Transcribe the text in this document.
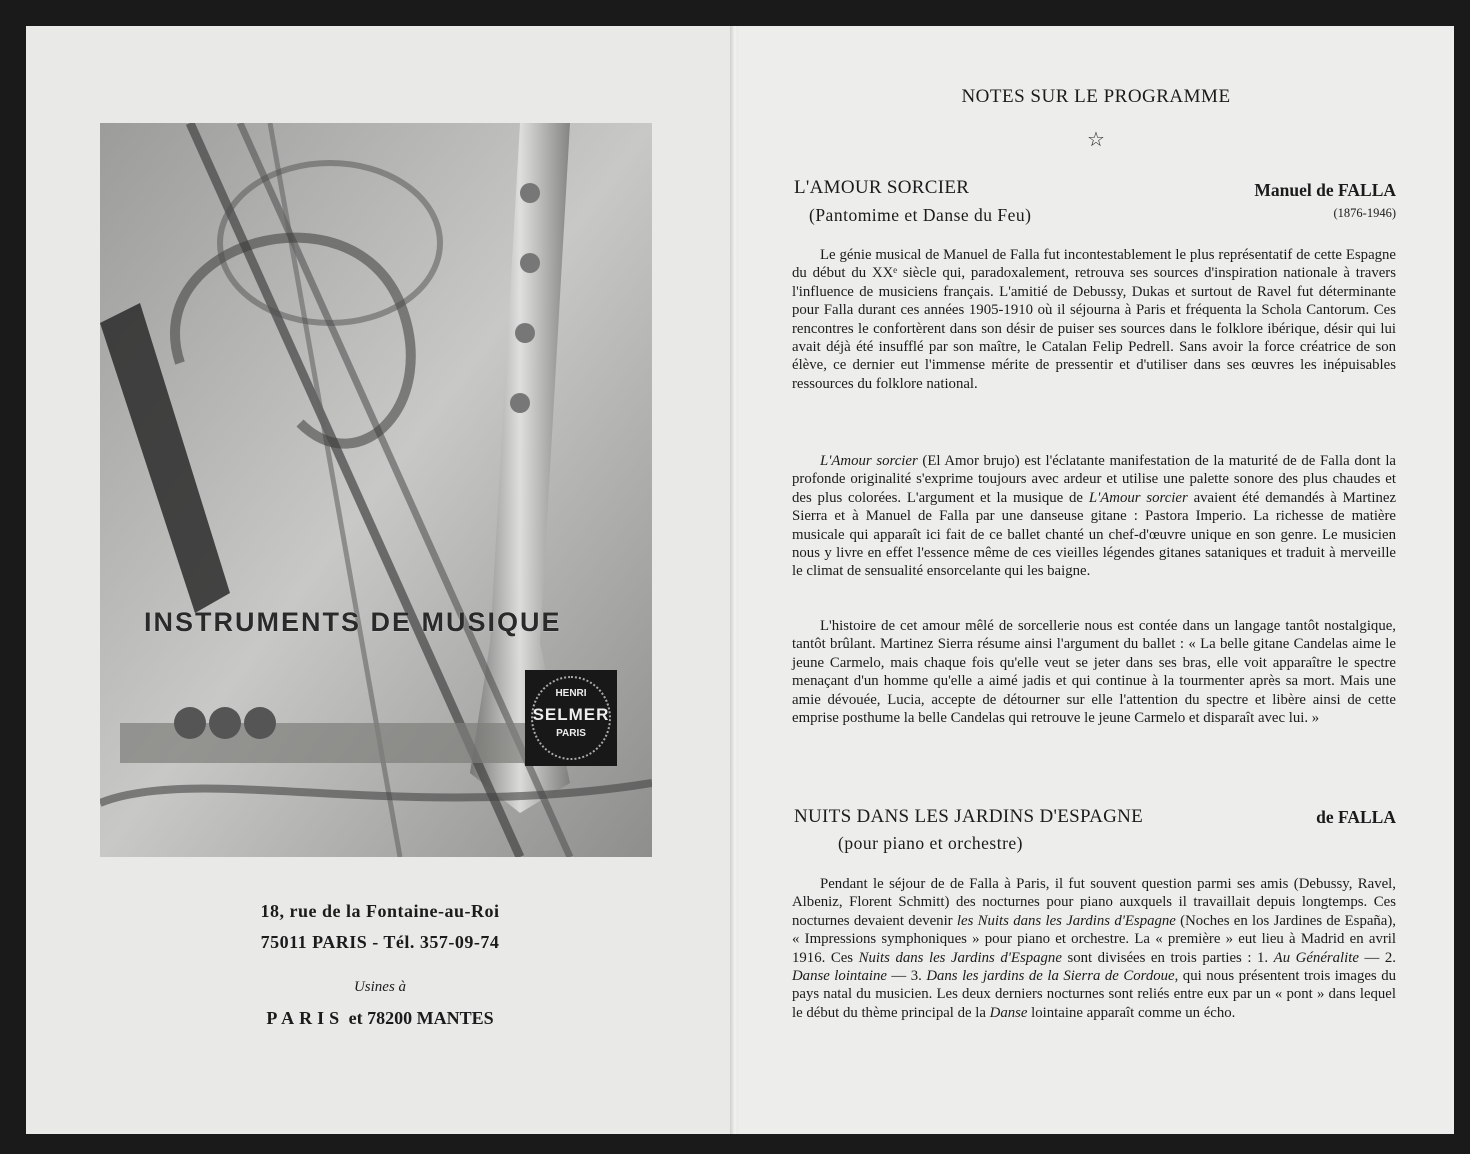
INSTRUMENTS DE MUSIQUE
HENRI
SELMER
PARIS
18, rue de la Fontaine-au-Roi
75011 PARIS - Tél. 357-09-74
Usines à
PARIS et 78200 MANTES
NOTES SUR LE PROGRAMME
☆
L'AMOUR SORCIER
(Pantomime et Danse du Feu)
Manuel de FALLA
(1876-1946)

Le génie musical de Manuel de Falla fut incontestablement le plus représentatif de cette Espagne du début du XXᵉ siècle qui, paradoxalement, retrouva ses sources d'inspiration nationale à travers l'influence de musiciens français. L'amitié de Debussy, Dukas et surtout de Ravel fut déterminante pour Falla durant ces années 1905-1910 où il séjourna à Paris et fréquenta la Schola Cantorum. Ces rencontres le confortèrent dans son désir de puiser ses sources dans le folklore ibérique, désir qui lui avait déjà été insufflé par son maître, le Catalan Felip Pedrell. Sans avoir la force créatrice de son élève, ce dernier eut l'immense mérite de pressentir et d'utiliser dans ses œuvres les inépuisables ressources du folklore national.

L'Amour sorcier (El Amor brujo) est l'éclatante manifestation de la maturité de de Falla dont la profonde originalité s'exprime toujours avec ardeur et utilise une palette sonore des plus chaudes et des plus colorées. L'argument et la musique de L'Amour sorcier avaient été demandés à Martinez Sierra et à Manuel de Falla par une danseuse gitane : Pastora Imperio. La richesse de matière musicale qui apparaît ici fait de ce ballet chanté un chef-d'œuvre unique en son genre. Le musicien nous y livre en effet l'essence même de ces vieilles légendes gitanes sataniques et traduit à merveille le climat de sensualité ensorcelante qui les baigne.

L'histoire de cet amour mêlé de sorcellerie nous est contée dans un langage tantôt nostalgique, tantôt brûlant. Martinez Sierra résume ainsi l'argument du ballet : « La belle gitane Candelas aime le jeune Carmelo, mais chaque fois qu'elle veut se jeter dans ses bras, elle voit apparaître le spectre menaçant d'un homme qu'elle a aimé jadis et qui continue à la tourmenter après sa mort. Mais une amie dévouée, Lucia, accepte de détourner sur elle l'attention du spectre et libère ainsi de cette emprise posthume la belle Candelas qui retrouve le jeune Carmelo et disparaît avec lui. »

NUITS DANS LES JARDINS D'ESPAGNE
(pour piano et orchestre)
de FALLA

Pendant le séjour de de Falla à Paris, il fut souvent question parmi ses amis (Debussy, Ravel, Albeniz, Florent Schmitt) des nocturnes pour piano auxquels il travaillait depuis longtemps. Ces nocturnes devaient devenir les Nuits dans les Jardins d'Espagne (Noches en los Jardines de España), « Impressions symphoniques » pour piano et orchestre. La « première » eut lieu à Madrid en avril 1916. Ces Nuits dans les Jardins d'Espagne sont divisées en trois parties : 1. Au Généralite — 2. Danse lointaine — 3. Dans les jardins de la Sierra de Cordoue, qui nous présentent trois images du pays natal du musicien. Les deux derniers nocturnes sont reliés entre eux par un « pont » dans lequel le début du thème principal de la Danse lointaine apparaît comme un écho.
